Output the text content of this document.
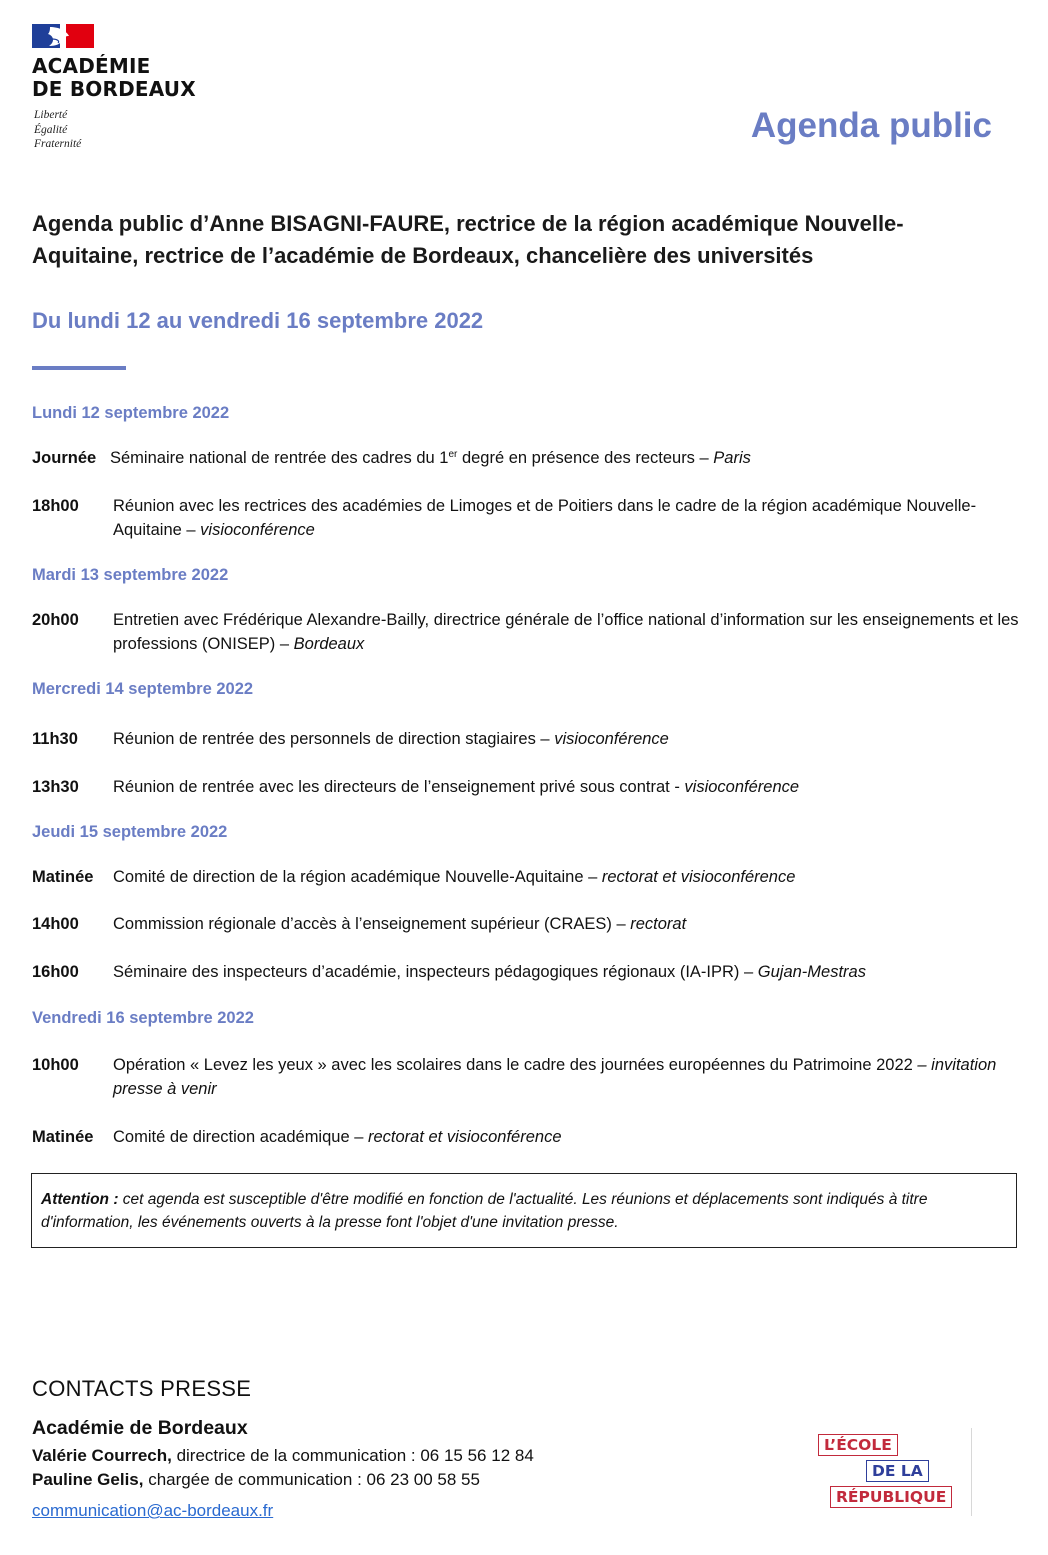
ACADÉMIE
DE BORDEAUX
Liberté
Égalité
Fraternité	Agenda public
Agenda public d’Anne BISAGNI-FAURE, rectrice de la région académique Nouvelle-
Aquitaine, rectrice de l’académie de Bordeaux, chancelière des universités
Du lundi 12 au vendredi 16 septembre 2022
Lundi 12 septembre 2022
Journée Séminaire national de rentrée des cadres du 1er degré en présence des recteurs – Paris
18h00 Réunion avec les rectrices des académies de Limoges et de Poitiers dans le cadre de la région académique Nouvelle-Aquitaine – visioconférence
Mardi 13 septembre 2022
20h00 Entretien avec Frédérique Alexandre-Bailly, directrice générale de l’office national d’information sur les enseignements et les professions (ONISEP) – Bordeaux
Mercredi 14 septembre 2022
11h30 Réunion de rentrée des personnels de direction stagiaires – visioconférence
13h30 Réunion de rentrée avec les directeurs de l’enseignement privé sous contrat - visioconférence
Jeudi 15 septembre 2022
Matinée Comité de direction de la région académique Nouvelle-Aquitaine – rectorat et visioconférence
14h00 Commission régionale d’accès à l’enseignement supérieur (CRAES) – rectorat
16h00 Séminaire des inspecteurs d’académie, inspecteurs pédagogiques régionaux (IA-IPR) – Gujan-Mestras
Vendredi 16 septembre 2022
10h00 Opération « Levez les yeux » avec les scolaires dans le cadre des journées européennes du Patrimoine 2022 – invitation presse à venir
Matinée Comité de direction académique – rectorat et visioconférence
Attention : cet agenda est susceptible d'être modifié en fonction de l'actualité. Les réunions et déplacements sont indiqués à titre d'information, les événements ouverts à la presse font l'objet d'une invitation presse.
CONTACTS PRESSE
Académie de Bordeaux
Valérie Courrech, directrice de la communication : 06 15 56 12 84
Pauline Gelis, chargée de communication : 06 23 00 58 55
communication@ac-bordeaux.fr
L’ÉCOLE
DE LA
RÉPUBLIQUE
